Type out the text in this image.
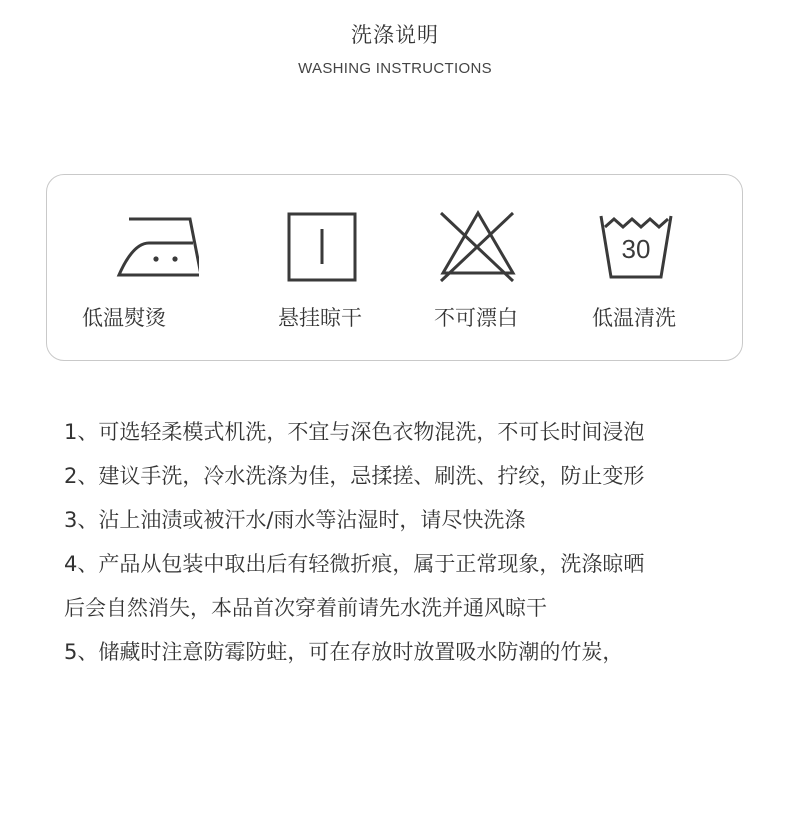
洗涤说明
WASHING INSTRUCTIONS
低温熨烫	悬挂晾干	不可漂白
30
低温清洗
1、可选轻柔模式机洗，不宜与深色衣物混洗，不可长时间浸泡
2、建议手洗，冷水洗涤为佳，忌揉搓、刷洗、拧绞，防止变形
3、沾上油渍或被汗水/雨水等沾湿时，请尽快洗涤
4、产品从包装中取出后有轻微折痕，属于正常现象，洗涤晾晒
后会自然消失，本品首次穿着前请先水洗并通风晾干
5、储藏时注意防霉防蛀，可在存放时放置吸水防潮的竹炭，
